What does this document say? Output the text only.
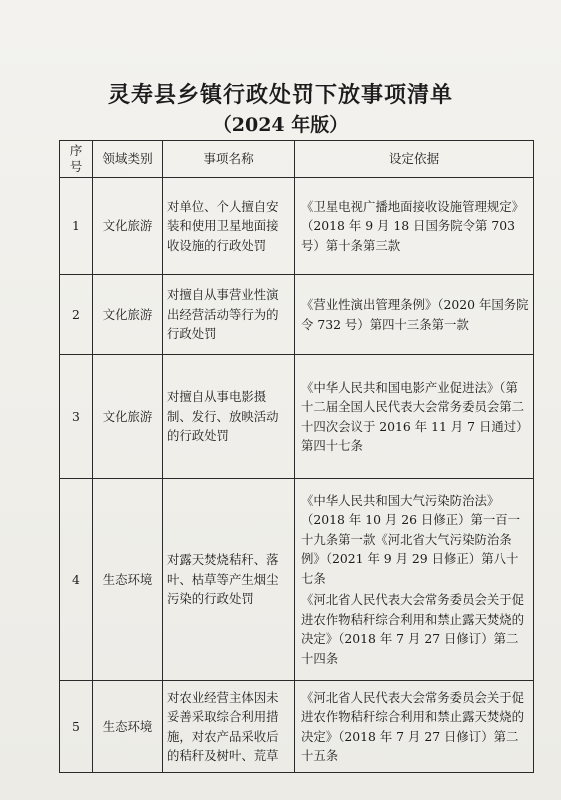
灵寿县乡镇行政处罚下放事项清单
（2024 年版）
序
号	领域类别	事项名称	设定依据
1	文化旅游	对单位、个人擅自安装和使用卫星地面接收设施的行政处罚	《卫星电视广播地面接收设施管理规定》（2018 年 9 月 18 日国务院令第 703 号）第十条第三款

2	文化旅游	对擅自从事营业性演出经营活动等行为的行政处罚	《营业性演出管理条例》（2020 年国务院令 732 号）第四十三条第一款

3	文化旅游	对擅自从事电影摄制、发行、放映活动的行政处罚	《中华人民共和国电影产业促进法》（第十二届全国人民代表大会常务委员会第二十四次会议于 2016 年 11 月 7 日通过）第四十七条

4	生态环境	对露天焚烧秸秆、落叶、枯草等产生烟尘污染的行政处罚	《中华人民共和国大气污染防治法》（2018 年 10 月 26 日修正）第一百一十九条第一款《河北省大气污染防治条例》（2021 年 9 月 29 日修正）第八十七条

《河北省人民代表大会常务委员会关于促进农作物秸秆综合利用和禁止露天焚烧的决定》（2018 年 7 月 27 日修订）第二十四条

5	生态环境	对农业经营主体因未妥善采取综合利用措施，对农产品采收后的秸秆及树叶、荒草	《河北省人民代表大会常务委员会关于促进农作物秸秆综合利用和禁止露天焚烧的决定》（2018 年 7 月 27 日修订）第二十五条
